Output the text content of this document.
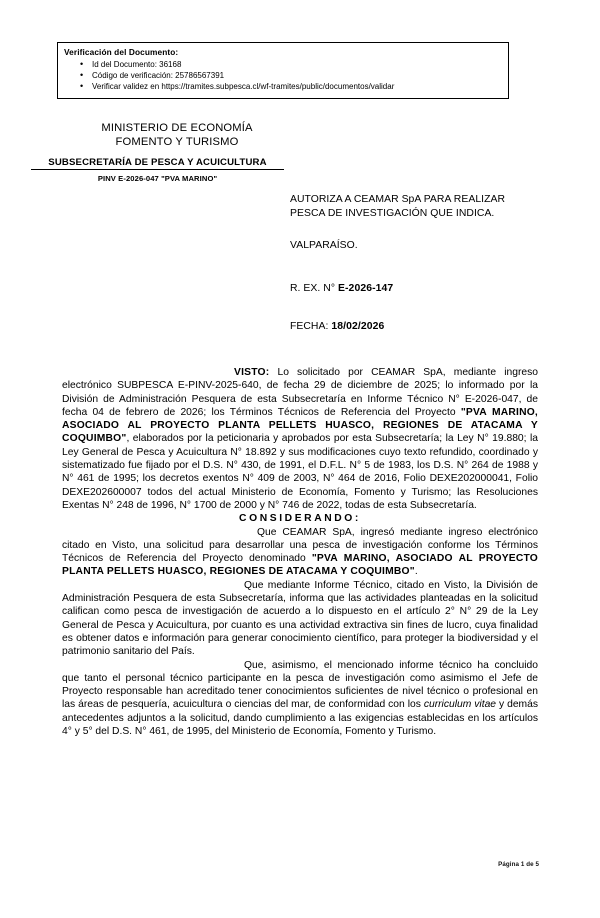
Verificación del Documento:
• Id del Documento: 36168
• Código de verificación: 25786567391
• Verificar validez en https://tramites.subpesca.cl/wf-tramites/public/documentos/validar
MINISTERIO DE ECONOMÍA
FOMENTO Y TURISMO
SUBSECRETARÍA DE PESCA Y ACUICULTURA
PINV E-2026-047 "PVA MARINO"
AUTORIZA A CEAMAR SpA PARA REALIZAR PESCA DE INVESTIGACIÓN QUE INDICA.
VALPARAÍSO.
R. EX. N° E-2026-147
FECHA: 18/02/2026

VISTO: Lo solicitado por CEAMAR SpA, mediante ingreso electrónico SUBPESCA E-PINV-2025-640, de fecha 29 de diciembre de 2025; lo informado por la División de Administración Pesquera de esta Subsecretaría en Informe Técnico N° E-2026-047, de fecha 04 de febrero de 2026; los Términos Técnicos de Referencia del Proyecto "PVA MARINO, ASOCIADO AL PROYECTO PLANTA PELLETS HUASCO, REGIONES DE ATACAMA Y COQUIMBO", elaborados por la peticionaria y aprobados por esta Subsecretaría; la Ley N° 19.880; la Ley General de Pesca y Acuicultura N° 18.892 y sus modificaciones cuyo texto refundido, coordinado y sistematizado fue fijado por el D.S. N° 430, de 1991, el D.F.L. N° 5 de 1983, los D.S. N° 264 de 1988 y N° 461 de 1995; los decretos exentos N° 409 de 2003, N° 464 de 2016, Folio DEXE202000041, Folio DEXE202600007 todos del actual Ministerio de Economía, Fomento y Turismo; las Resoluciones Exentas N° 248 de 1996, N° 1700 de 2000 y N° 746 de 2022, todas de esta Subsecretaría.

CONSIDERANDO:

Que CEAMAR SpA, ingresó mediante ingreso electrónico citado en Visto, una solicitud para desarrollar una pesca de investigación conforme los Términos Técnicos de Referencia del Proyecto denominado "PVA MARINO, ASOCIADO AL PROYECTO PLANTA PELLETS HUASCO, REGIONES DE ATACAMA Y COQUIMBO".

Que mediante Informe Técnico, citado en Visto, la División de Administración Pesquera de esta Subsecretaría, informa que las actividades planteadas en la solicitud califican como pesca de investigación de acuerdo a lo dispuesto en el artículo 2° N° 29 de la Ley General de Pesca y Acuicultura, por cuanto es una actividad extractiva sin fines de lucro, cuya finalidad es obtener datos e información para generar conocimiento científico, para proteger la biodiversidad y el patrimonio sanitario del País.

Que, asimismo, el mencionado informe técnico ha concluido que tanto el personal técnico participante en la pesca de investigación como asimismo el Jefe de Proyecto responsable han acreditado tener conocimientos suficientes de nivel técnico o profesional en las áreas de pesquería, acuicultura o ciencias del mar, de conformidad con los curriculum vitae y demás antecedentes adjuntos a la solicitud, dando cumplimiento a las exigencias establecidas en los artículos 4° y 5° del D.S. N° 461, de 1995, del Ministerio de Economía, Fomento y Turismo.

Página 1 de 5
